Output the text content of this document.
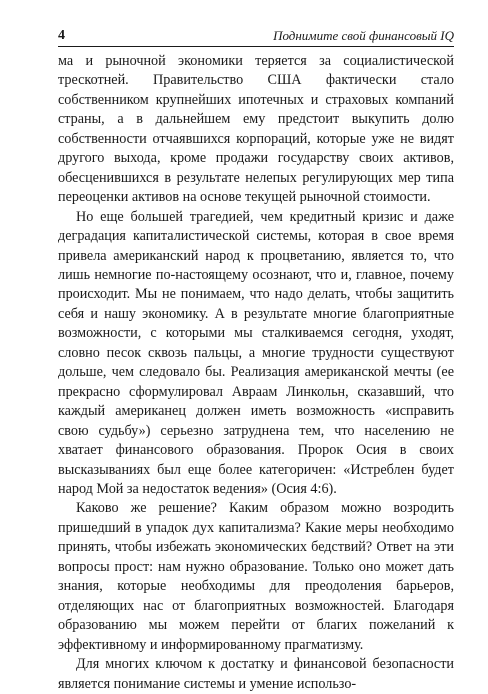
4	Поднимите свой финансовый IQ

ма и рыночной экономики теряется за социалистической трескотней. Правительство США фактически стало собственником крупнейших ипотечных и страховых компаний страны, а в дальнейшем ему предстоит выкупить долю собственности отчаявшихся корпораций, которые уже не видят другого выхода, кроме продажи государству своих активов, обесценившихся в результате нелепых регулирующих мер типа переоценки активов на основе текущей рыночной стоимости.

Но еще большей трагедией, чем кредитный кризис и даже деградация капиталистической системы, которая в свое время привела американский народ к процветанию, является то, что лишь немногие по-настоящему осознают, что и, главное, почему происходит. Мы не понимаем, что надо делать, чтобы защитить себя и нашу экономику. А в результате многие благоприятные возможности, с которыми мы сталкиваемся сегодня, уходят, словно песок сквозь пальцы, а многие трудности существуют дольше, чем следовало бы. Реализация американской мечты (ее прекрасно сформулировал Авраам Линкольн, сказавший, что каждый американец должен иметь возможность «исправить свою судьбу») серьезно затруднена тем, что населению не хватает финансового образования. Пророк Осия в своих высказываниях был еще более категоричен: «Истреблен будет народ Мой за недостаток ведения» (Осия 4:6).

Каково же решение? Каким образом можно возродить пришедший в упадок дух капитализма? Какие меры необходимо принять, чтобы избежать экономических бедствий? Ответ на эти вопросы прост: нам нужно образование. Только оно может дать знания, которые необходимы для преодоления барьеров, отделяющих нас от благоприятных возможностей. Благодаря образованию мы можем перейти от благих пожеланий к эффективному и информированному прагматизму.

Для многих ключом к достатку и финансовой безопасности является понимание системы и умение использо-
